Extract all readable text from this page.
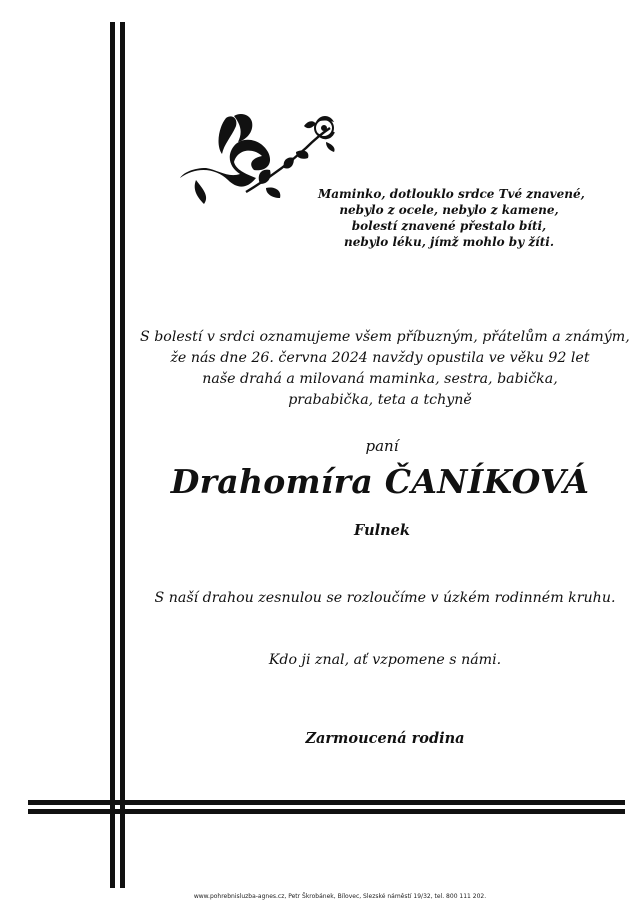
Maminko, dotlouklo srdce Tvé znavené,
nebylo z ocele, nebylo z kamene,
bolestí znavené přestalo bíti,
nebylo léku, jímž mohlo by žíti.
S bolestí v srdci oznamujeme všem příbuzným, přátelům a známým,
že nás dne 26. června 2024 navždy opustila ve věku 92 let
naše drahá a milovaná maminka, sestra, babička,
prababička, teta a tchyně
paní
Drahomíra ČANÍKOVÁ
Fulnek
S naší drahou zesnulou se rozloučíme v úzkém rodinném kruhu.
Kdo ji znal, ať vzpomene s námi.
Zarmoucená rodina
www.pohrebnisluzba-agnes.cz, Petr Škrobánek, Bílovec, Slezské náměstí 19/32, tel. 800 111 202.
